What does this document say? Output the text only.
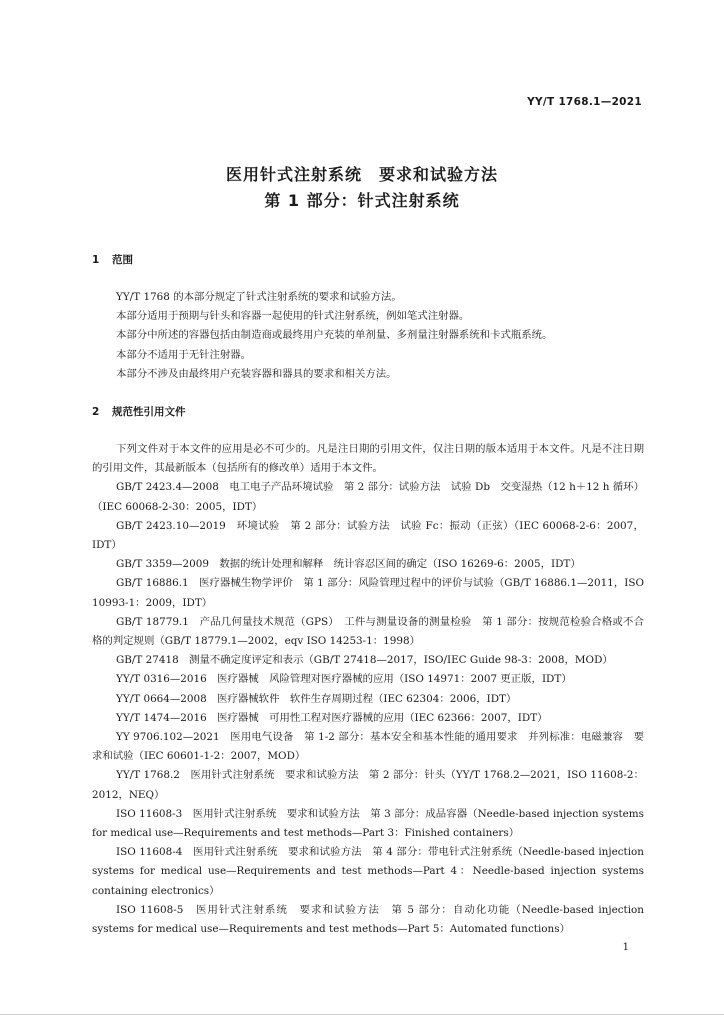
YY/T 1768.1—2021
医用针式注射系统　要求和试验方法
第 1 部分：针式注射系统
1 范围

YY/T 1768 的本部分规定了针式注射系统的要求和试验方法。

本部分适用于预期与针头和容器一起使用的针式注射系统，例如笔式注射器。

本部分中所述的容器包括由制造商或最终用户充装的单剂量、多剂量注射器系统和卡式瓶系统。

本部分不适用于无针注射器。

本部分不涉及由最终用户充装容器和器具的要求和相关方法。

2 规范性引用文件

下列文件对于本文件的应用是必不可少的。凡是注日期的引用文件，仅注日期的版本适用于本文件。凡是不注日期的引用文件，其最新版本（包括所有的修改单）适用于本文件。

GB/T 2423.4—2008　电工电子产品环境试验　第 2 部分：试验方法　试验 Db　交变湿热（12 h＋12 h 循环）（IEC 60068-2-30：2005，IDT）

GB/T 2423.10—2019　环境试验　第 2 部分：试验方法　试验 Fc：振动（正弦）（IEC 60068-2-6：2007，IDT）

GB/T 3359—2009　数据的统计处理和解释　统计容忍区间的确定（ISO 16269-6：2005，IDT）

GB/T 16886.1　医疗器械生物学评价　第 1 部分：风险管理过程中的评价与试验（GB/T 16886.1—2011，ISO 10993-1：2009，IDT）

GB/T 18779.1　产品几何量技术规范（GPS）　工件与测量设备的测量检验　第 1 部分：按规范检验合格或不合格的判定规则（GB/T 18779.1—2002，eqv ISO 14253-1：1998）

GB/T 27418　测量不确定度评定和表示（GB/T 27418—2017，ISO/IEC Guide 98-3：2008，MOD）

YY/T 0316—2016　医疗器械　风险管理对医疗器械的应用（ISO 14971：2007 更正版，IDT）

YY/T 0664—2008　医疗器械软件　软件生存周期过程（IEC 62304：2006，IDT）

YY/T 1474—2016　医疗器械　可用性工程对医疗器械的应用（IEC 62366：2007，IDT）

YY 9706.102—2021　医用电气设备　第 1-2 部分：基本安全和基本性能的通用要求　并列标准：电磁兼容　要求和试验（IEC 60601-1-2：2007，MOD）

YY/T 1768.2　医用针式注射系统　要求和试验方法　第 2 部分：针头（YY/T 1768.2—2021，ISO 11608-2：2012，NEQ）

ISO 11608-3　医用针式注射系统　要求和试验方法　第 3 部分：成品容器（Needle-based injection systems for medical use—Requirements and test methods—Part 3：Finished containers）

ISO 11608-4　医用针式注射系统　要求和试验方法　第 4 部分：带电针式注射系统（Needle-based injection systems for medical use—Requirements and test methods—Part 4：Needle-based injection systems containing electronics）

ISO 11608-5　医用针式注射系统　要求和试验方法　第 5 部分：自动化功能（Needle-based injection systems for medical use—Requirements and test methods—Part 5：Automated functions）

1
